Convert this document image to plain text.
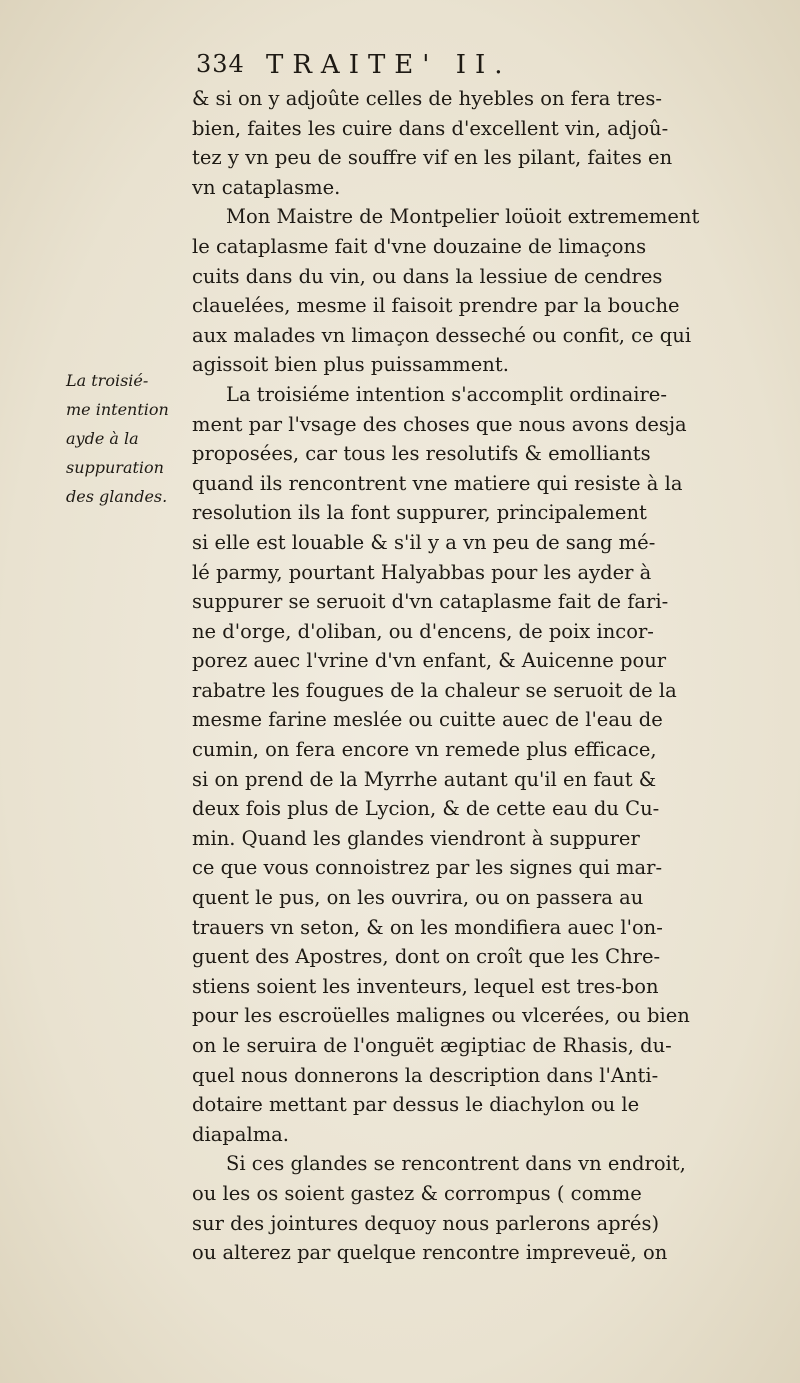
334 TRAITE' II.
La troisié-
me intention
ayde à la
suppuration
des glandes.
& si on y adjoûte celles de hyebles on fera tres-
bien, faites les cuire dans d'excellent vin, adjoû-
tez y vn peu de souffre vif en les pilant, faites en
vn cataplasme.
Mon Maistre de Montpelier loüoit extremement
le cataplasme fait d'vne douzaine de limaçons
cuits dans du vin, ou dans la lessiue de cendres
clauelées, mesme il faisoit prendre par la bouche
aux malades vn limaçon desseché ou confit, ce qui
agissoit bien plus puissamment.
La troisiéme intention s'accomplit ordinaire-
ment par l'vsage des choses que nous avons desja
proposées, car tous les resolutifs & emolliants
quand ils rencontrent vne matiere qui resiste à la
resolution ils la font suppurer, principalement
si elle est louable & s'il y a vn peu de sang mé-
lé parmy, pourtant Halyabbas pour les ayder à
suppurer se seruoit d'vn cataplasme fait de fari-
ne d'orge, d'oliban, ou d'encens, de poix incor-
porez auec l'vrine d'vn enfant, & Auicenne pour
rabatre les fougues de la chaleur se seruoit de la
mesme farine meslée ou cuitte auec de l'eau de
cumin, on fera encore vn remede plus efficace,
si on prend de la Myrrhe autant qu'il en faut &
deux fois plus de Lycion, & de cette eau du Cu-
min. Quand les glandes viendront à suppurer
ce que vous connoistrez par les signes qui mar-
quent le pus, on les ouvrira, ou on passera au
trauers vn seton, & on les mondifiera auec l'on-
guent des Apostres, dont on croît que les Chre-
stiens soient les inventeurs, lequel est tres-bon
pour les escroüelles malignes ou vlcerées, ou bien
on le seruira de l'onguët ægiptiac de Rhasis, du-
quel nous donnerons la description dans l'Anti-
dotaire mettant par dessus le diachylon ou le
diapalma.
Si ces glandes se rencontrent dans vn endroit,
ou les os soient gastez & corrompus ( comme
sur des jointures dequoy nous parlerons aprés)
ou alterez par quelque rencontre impreveuë, on
